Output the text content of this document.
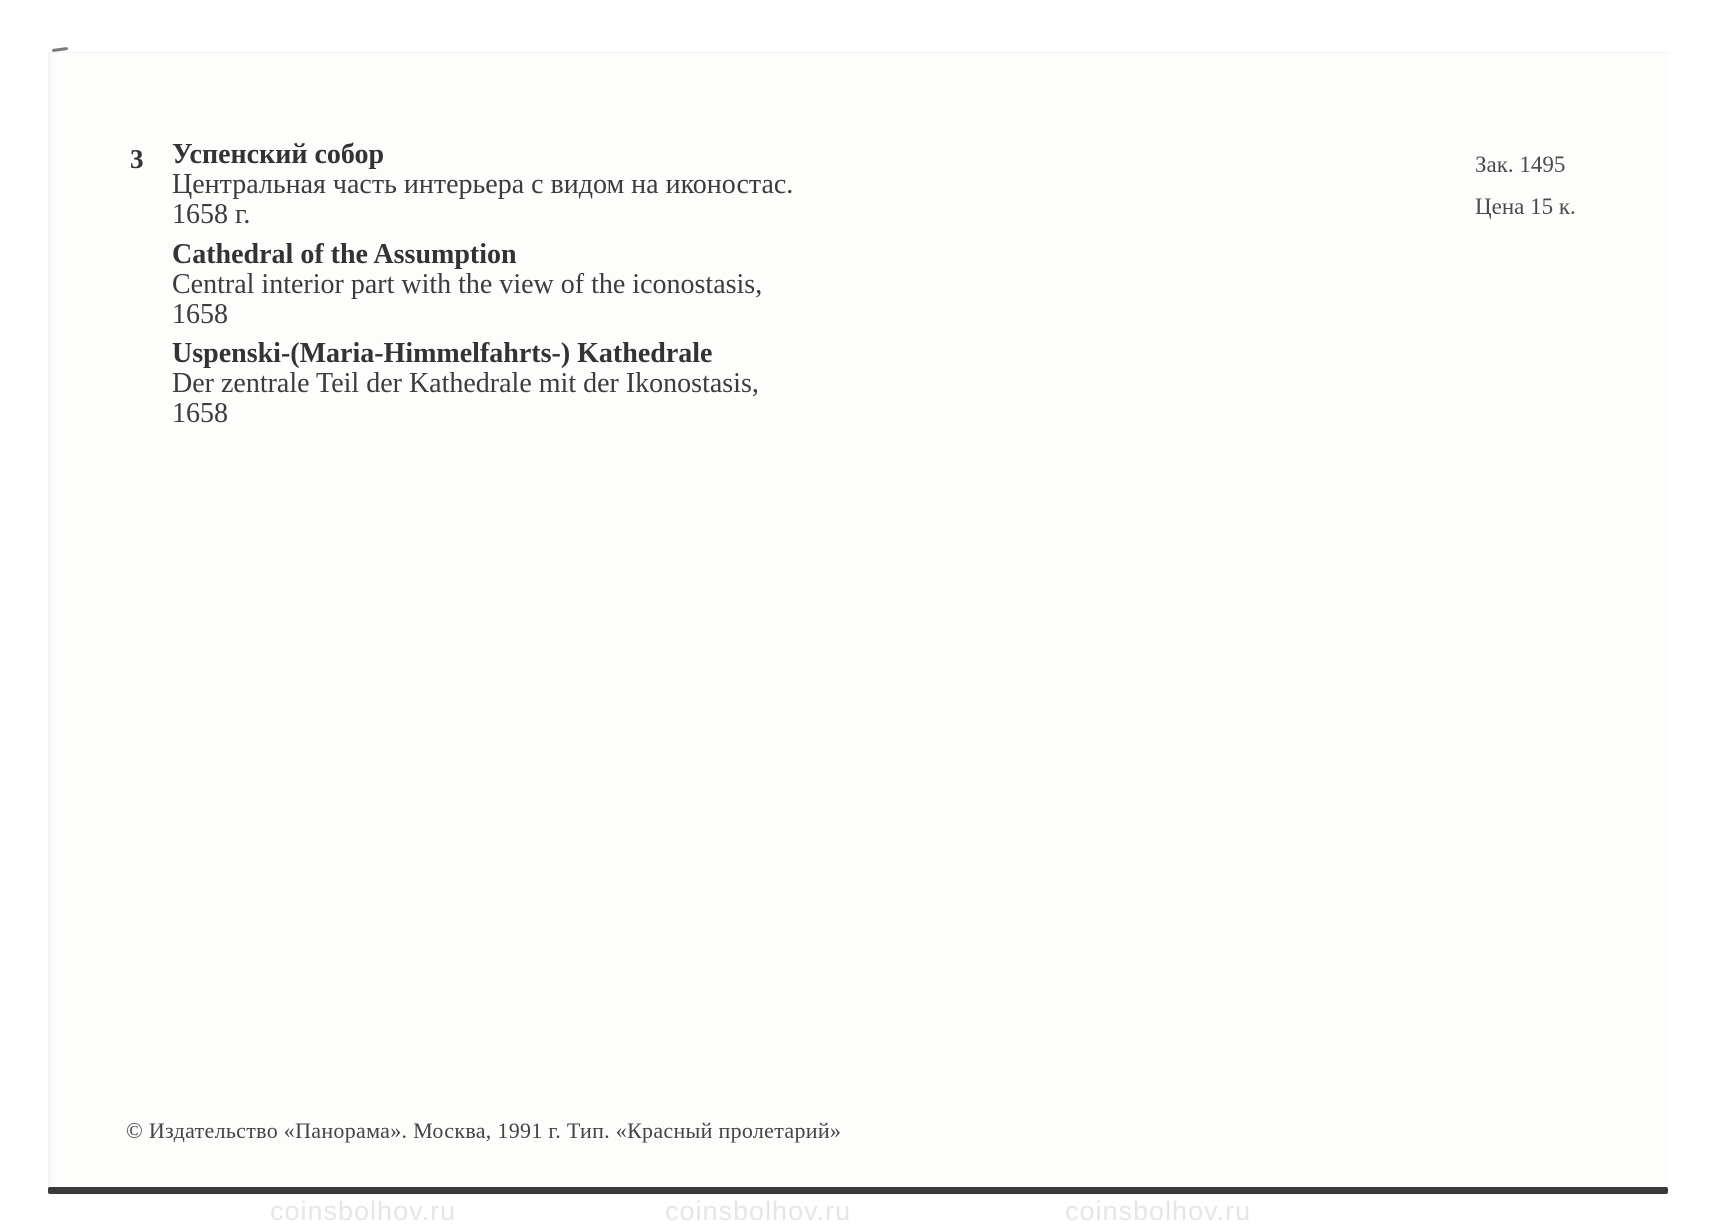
coinsbolhov.ru	coinsbolhov.ru	coinsbolhov.ru
3 Успенский собор
Центральная часть интерьера с видом на иконостас.
1658 г.
Cathedral of the Assumption
Central interior part with the view of the iconostasis,
1658
Uspenski-(Maria-Himmelfahrts-) Kathedrale
Der zentrale Teil der Kathedrale mit der Ikonostasis,
1658
Зак. 1495
Цена 15 к.
© Издательство «Панорама». Москва, 1991 г. Тип. «Красный пролетарий»
